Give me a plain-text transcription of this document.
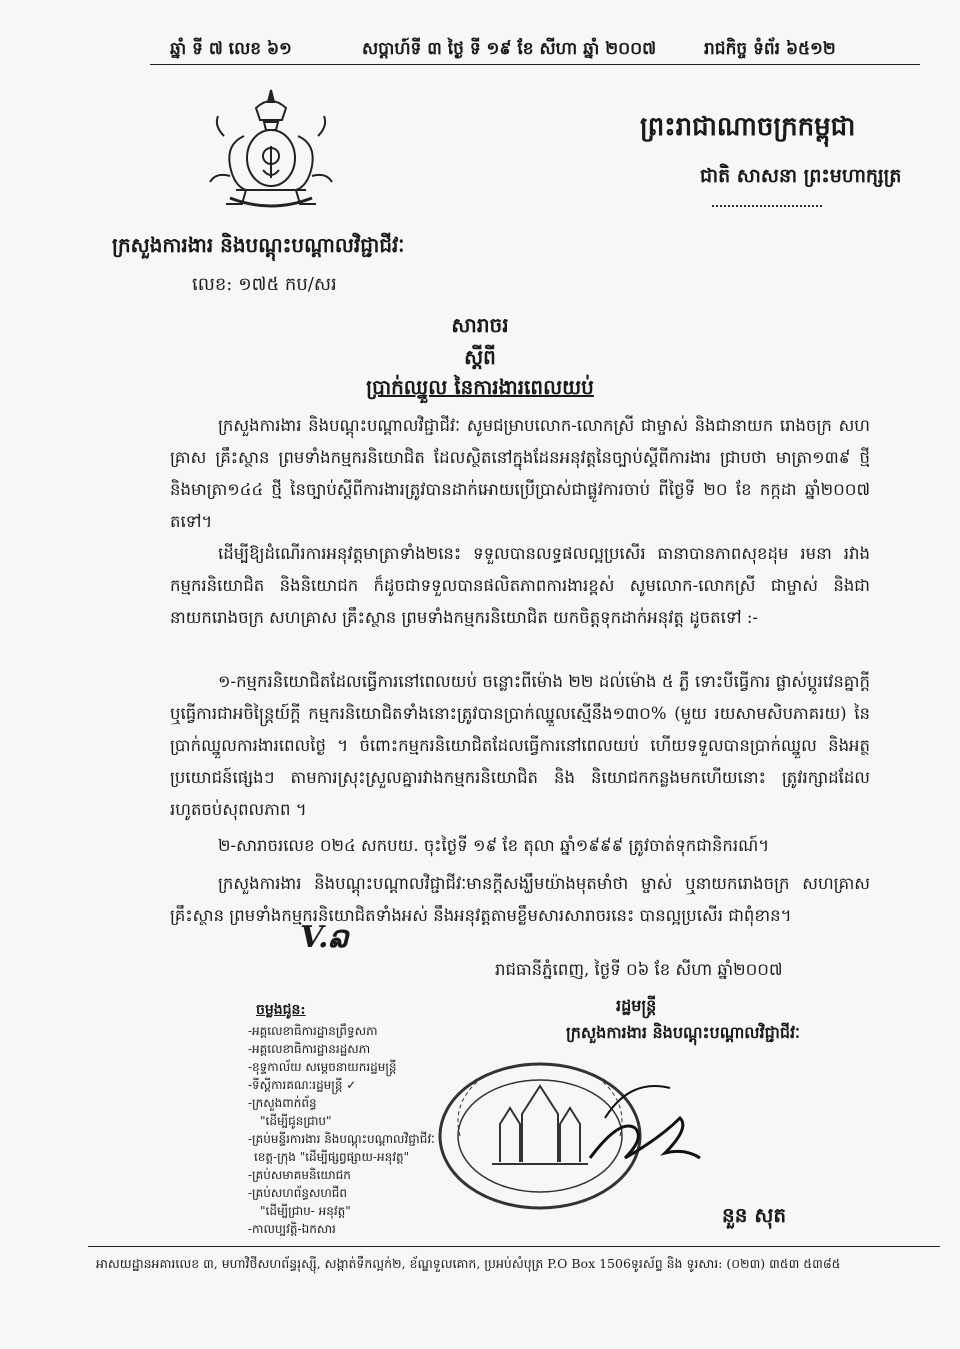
ឆ្នាំ ទី ៧ លេខ ៦១	សប្តាហ៍ទី ៣ ថ្ងៃ ទី ១៩ ខែ សីហា ឆ្នាំ ២០០៧	រាជកិច្ច ទំព័រ ៦៥១២
ព្រះរាជាណាចក្រកម្ពុជា
ជាតិ សាសនា ព្រះមហាក្សត្រ
ក្រសួងការងារ និងបណ្តុះបណ្តាលវិជ្ជាជីវៈ
លេខ: ១៧៥ កប/សរ
សារាចរ
ស្តីពី
ប្រាក់ឈ្នួល នៃការងារពេលយប់
ក្រសួងការងារ និងបណ្តុះបណ្តាលវិជ្ជាជីវៈ សូមជម្រាបលោក-លោកស្រី ជាម្ចាស់ និងជានាយក រោងចក្រ សហគ្រាស គ្រឹះស្ថាន ព្រមទាំងកម្មករនិយោជិត ដែលស្ថិតនៅក្នុងដែនអនុវត្តនៃច្បាប់ស្តីពីការងារ ជ្រាបថា មាត្រា១៣៩ ថ្មី និងមាត្រា១៤៤ ថ្មី នៃច្បាប់ស្តីពីការងារត្រូវបានដាក់អោយប្រើប្រាស់ជាផ្លូវការចាប់ ពីថ្ងៃទី ២០ ខែ កក្កដា ឆ្នាំ២០០៧ តទៅ។
ដើម្បីឱ្យដំណើរការអនុវត្តមាត្រាទាំង២នេះ ទទួលបានលទ្ធផលល្អប្រសើរ ធានាបានភាពសុខដុម រមនា រវាងកម្មករនិយោជិត និងនិយោជក ក៏ដូចជាទទួលបានផលិតភាពការងារខ្ពស់ សូមលោក-លោកស្រី ជាម្ចាស់ និងជានាយករោងចក្រ សហគ្រាស គ្រឹះស្ថាន ព្រមទាំងកម្មករនិយោជិត យកចិត្តទុកដាក់អនុវត្ត ដូចតទៅ :-
១-កម្មករនិយោជិតដែលធ្វើការនៅពេលយប់ ចន្លោះពីម៉ោង ២២ ដល់ម៉ោង ៥ ភ្លឺ ទោះបីធ្វើការ ផ្លាស់ប្តូរវេនគ្នាក្តី ឬធ្វើការជាអចិន្ត្រៃយ៍ក្តី កម្មករនិយោជិតទាំងនោះត្រូវបានប្រាក់ឈ្នួលស្មើនឹង១៣០% (មួយ រយសាមសិបភាគរយ) នៃប្រាក់ឈ្នួលការងារពេលថ្ងៃ ។ ចំពោះកម្មករនិយោជិតដែលធ្វើការនៅពេលយប់ ហើយទទួលបានប្រាក់ឈ្នួល និងអត្ថប្រយោជន៍ផ្សេងៗ តាមការស្រុះស្រួលគ្នារវាងកម្មករនិយោជិត និង និយោជកកន្លងមកហើយនោះ ត្រូវរក្សាដដែលរហូតចប់សុពលភាព ។
២-សារាចរលេខ ០២៤ សកបយ. ចុះថ្ងៃទី ១៩ ខែ តុលា ឆ្នាំ១៩៩៩ ត្រូវចាត់ទុកជានិករណ៍។
ក្រសួងការងារ និងបណ្តុះបណ្តាលវិជ្ជាជីវៈមានក្តីសង្ឃឹមយ៉ាងមុតមាំថា ម្ចាស់ ឬនាយករោងចក្រ សហគ្រាស គ្រឹះស្ថាន ព្រមទាំងកម្មករនិយោជិតទាំងអស់ នឹងអនុវត្តតាមខ្លឹមសារសារាចរនេះ បានល្អប្រសើរ ជាពុំខាន។
V.ລ
រាជធានីភ្នំពេញ, ថ្ងៃទី ០៦ ខែ សីហា ឆ្នាំ២០០៧
រដ្ឋមន្ត្រី
ក្រសួងការងារ និងបណ្តុះបណ្តាលវិជ្ជាជីវៈ
ចម្លងជូន:
-អគ្គលេខាធិការដ្ឋានព្រឹទ្ធសភា
-អគ្គលេខាធិការដ្ឋានរដ្ឋសភា
-ខុទ្ទកាល័យ សម្តេចនាយករដ្ឋមន្ត្រី
-ទីស្តីការគណៈរដ្ឋមន្ត្រី ✓
-ក្រសួងពាក់ព័ន្ធ
"ដើម្បីជូនជ្រាប"
-គ្រប់មន្ទីរការងារ និងបណ្តុះបណ្តាលវិជ្ជាជីវៈ
ខេត្ត-ក្រុង "ដើម្បីផ្សព្វផ្សាយ-អនុវត្ត"
-គ្រប់សមាគមនិយោជក
-គ្រប់សហព័ន្ធសហជីព
"ដើម្បីជ្រាប- អនុវត្ត"
-កាលប្បវត្តិ-ឯកសារ
នួន សុត
អាសយដ្ឋានអគារលេខ ៣, មហាវិថីសហព័ន្ធរុស្ស៊ី, សង្កាត់ទឹកល្អក់២, ខ័ណ្ឌទួលគោក, ប្រអប់សំបុត្រ P.O Box 1506ទូរស័ព្ទ និង ទូរសារ: (០២៣) ៣៥៣ ៥៣៨៥
